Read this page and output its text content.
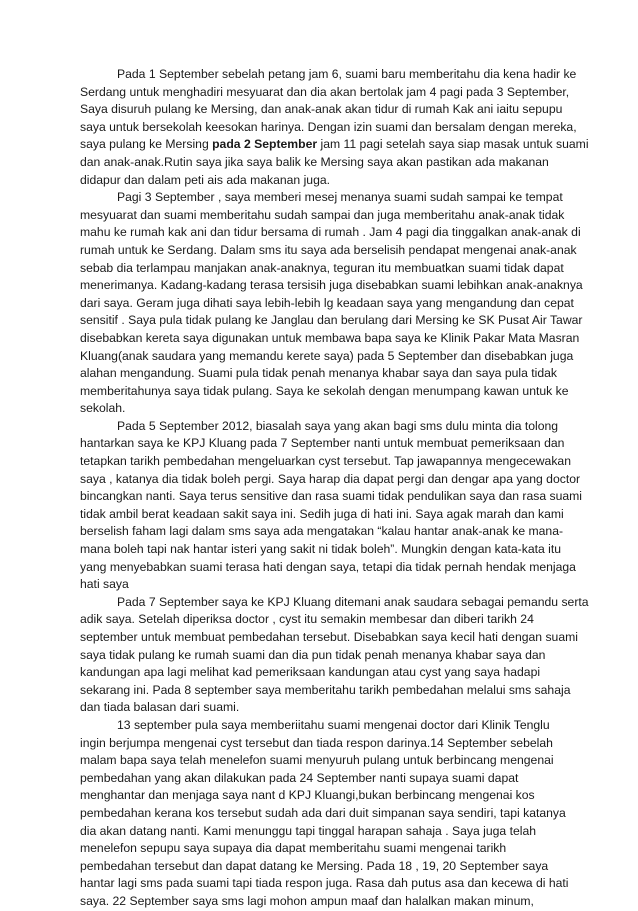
Pada 1 September sebelah petang jam 6, suami baru memberitahu dia kena hadir ke
Serdang untuk menghadiri mesyuarat dan dia akan bertolak jam 4 pagi pada 3 September,
Saya disuruh pulang ke Mersing, dan anak-anak akan tidur di rumah Kak ani iaitu sepupu
saya untuk bersekolah keesokan harinya. Dengan izin suami dan bersalam dengan mereka,
saya pulang ke Mersing pada 2 September jam 11 pagi setelah saya siap masak untuk suami
dan anak-anak.Rutin saya jika saya balik ke Mersing saya akan pastikan ada makanan
didapur dan dalam peti ais ada makanan juga.
Pagi 3 September , saya memberi mesej menanya suami sudah sampai ke tempat
mesyuarat dan suami memberitahu sudah sampai dan juga memberitahu anak-anak tidak
mahu ke rumah kak ani dan tidur bersama di rumah . Jam 4 pagi dia tinggalkan anak-anak di
rumah untuk ke Serdang. Dalam sms itu saya ada berselisih pendapat mengenai anak-anak
sebab dia terlampau manjakan anak-anaknya, teguran itu membuatkan suami tidak dapat
menerimanya. Kadang-kadang terasa tersisih juga disebabkan suami lebihkan anak-anaknya
dari saya. Geram juga dihati saya lebih-lebih lg keadaan saya yang mengandung dan cepat
sensitif . Saya pula tidak pulang ke Janglau dan berulang dari Mersing ke SK Pusat Air Tawar
disebabkan kereta saya digunakan untuk membawa bapa saya ke Klinik Pakar Mata Masran
Kluang(anak saudara yang memandu kerete saya) pada 5 September dan disebabkan juga
alahan mengandung. Suami pula tidak penah menanya khabar saya dan saya pula tidak
memberitahunya saya tidak pulang. Saya ke sekolah dengan menumpang kawan untuk ke
sekolah.
Pada 5 September 2012, biasalah saya yang akan bagi sms dulu minta dia tolong
hantarkan saya ke KPJ Kluang pada 7 September nanti untuk membuat pemeriksaan dan
tetapkan tarikh pembedahan mengeluarkan cyst tersebut. Tap jawapannya mengecewakan
saya , katanya dia tidak boleh pergi. Saya harap dia dapat pergi dan dengar apa yang doctor
bincangkan nanti. Saya terus sensitive dan rasa suami tidak pendulikan saya dan rasa suami
tidak ambil berat keadaan sakit saya ini. Sedih juga di hati ini. Saya agak marah dan kami
berselish faham lagi dalam sms saya ada mengatakan “kalau hantar anak-anak ke mana-
mana boleh tapi nak hantar isteri yang sakit ni tidak boleh”. Mungkin dengan kata-kata itu
yang menyebabkan suami terasa hati dengan saya, tetapi dia tidak pernah hendak menjaga
hati saya
Pada 7 September saya ke KPJ Kluang ditemani anak saudara sebagai pemandu serta
adik saya. Setelah diperiksa doctor , cyst itu semakin membesar dan diberi tarikh 24
september untuk membuat pembedahan tersebut. Disebabkan saya kecil hati dengan suami
saya tidak pulang ke rumah suami dan dia pun tidak penah menanya khabar saya dan
kandungan apa lagi melihat kad pemeriksaan kandungan atau cyst yang saya hadapi
sekarang ini. Pada 8 september saya memberitahu tarikh pembedahan melalui sms sahaja
dan tiada balasan dari suami.
13 september pula saya memberiitahu suami mengenai doctor dari Klinik Tenglu
ingin berjumpa mengenai cyst tersebut dan tiada respon darinya.14 September sebelah
malam bapa saya telah menelefon suami menyuruh pulang untuk berbincang mengenai
pembedahan yang akan dilakukan pada 24 September nanti supaya suami dapat
menghantar dan menjaga saya nant d KPJ Kluangi,bukan berbincang mengenai kos
pembedahan kerana kos tersebut sudah ada dari duit simpanan saya sendiri, tapi katanya
dia akan datang nanti. Kami menunggu tapi tinggal harapan sahaja . Saya juga telah
menelefon sepupu saya supaya dia dapat memberitahu suami mengenai tarikh
pembedahan tersebut dan dapat datang ke Mersing. Pada 18 , 19, 20 September saya
hantar lagi sms pada suami tapi tiada respon juga. Rasa dah putus asa dan kecewa di hati
saya. 22 September saya sms lagi mohon ampun maaf dan halalkan makan minum,
